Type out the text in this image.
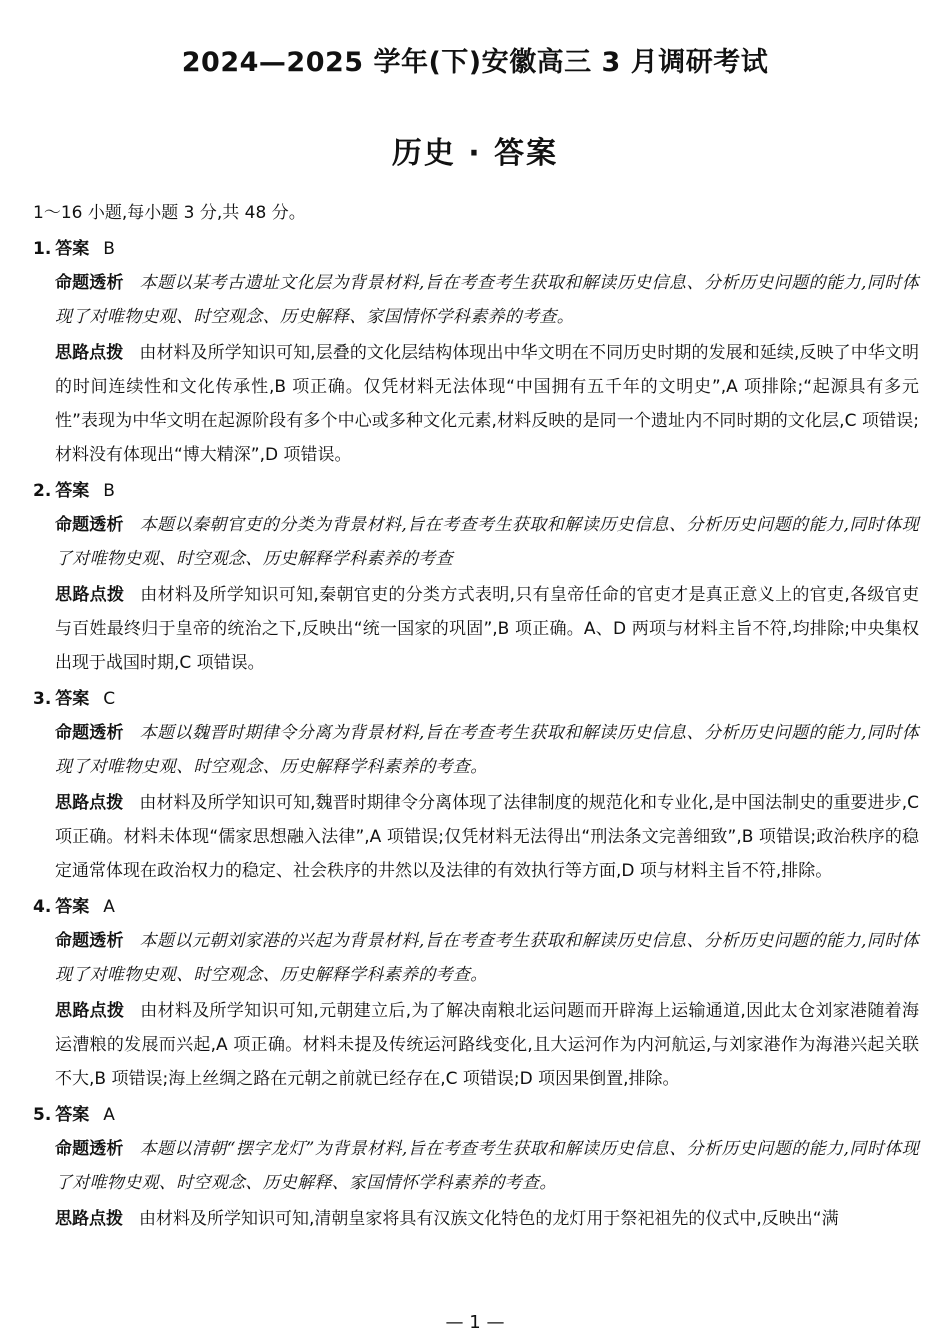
2024—2025 学年(下)安徽高三 3 月调研考试
历史 · 答案
1～16 小题,每小题 3 分,共 48 分。
1. 答案 B
命题透析 本题以某考古遗址文化层为背景材料,旨在考查考生获取和解读历史信息、分析历史问题的能力,同时体现了对唯物史观、时空观念、历史解释、家国情怀学科素养的考查。
思路点拨 由材料及所学知识可知,层叠的文化层结构体现出中华文明在不同历史时期的发展和延续,反映了中华文明的时间连续性和文化传承性,B 项正确。仅凭材料无法体现“中国拥有五千年的文明史”,A 项排除;“起源具有多元性”表现为中华文明在起源阶段有多个中心或多种文化元素,材料反映的是同一个遗址内不同时期的文化层,C 项错误;材料没有体现出“博大精深”,D 项错误。
2. 答案 B
命题透析 本题以秦朝官吏的分类为背景材料,旨在考查考生获取和解读历史信息、分析历史问题的能力,同时体现了对唯物史观、时空观念、历史解释学科素养的考查
思路点拨 由材料及所学知识可知,秦朝官吏的分类方式表明,只有皇帝任命的官吏才是真正意义上的官吏,各级官吏与百姓最终归于皇帝的统治之下,反映出“统一国家的巩固”,B 项正确。A、D 两项与材料主旨不符,均排除;中央集权出现于战国时期,C 项错误。
3. 答案 C
命题透析 本题以魏晋时期律令分离为背景材料,旨在考查考生获取和解读历史信息、分析历史问题的能力,同时体现了对唯物史观、时空观念、历史解释学科素养的考查。
思路点拨 由材料及所学知识可知,魏晋时期律令分离体现了法律制度的规范化和专业化,是中国法制史的重要进步,C 项正确。材料未体现“儒家思想融入法律”,A 项错误;仅凭材料无法得出“刑法条文完善细致”,B 项错误;政治秩序的稳定通常体现在政治权力的稳定、社会秩序的井然以及法律的有效执行等方面,D 项与材料主旨不符,排除。
4. 答案 A
命题透析 本题以元朝刘家港的兴起为背景材料,旨在考查考生获取和解读历史信息、分析历史问题的能力,同时体现了对唯物史观、时空观念、历史解释学科素养的考查。
思路点拨 由材料及所学知识可知,元朝建立后,为了解决南粮北运问题而开辟海上运输通道,因此太仓刘家港随着海运漕粮的发展而兴起,A 项正确。材料未提及传统运河路线变化,且大运河作为内河航运,与刘家港作为海港兴起关联不大,B 项错误;海上丝绸之路在元朝之前就已经存在,C 项错误;D 项因果倒置,排除。
5. 答案 A
命题透析 本题以清朝“摆字龙灯”为背景材料,旨在考查考生获取和解读历史信息、分析历史问题的能力,同时体现了对唯物史观、时空观念、历史解释、家国情怀学科素养的考查。
思路点拨 由材料及所学知识可知,清朝皇家将具有汉族文化特色的龙灯用于祭祀祖先的仪式中,反映出“满
— 1 —
